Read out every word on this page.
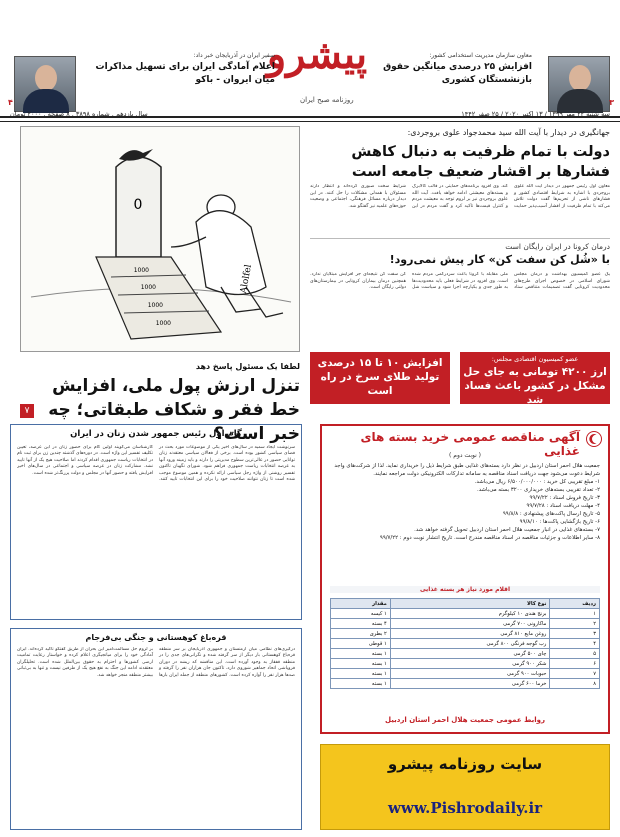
معاون سازمان مدیریت استخدامی کشور:
افزایش ۲۵ درصدی میانگین حقوق بازنشستگان کشوری
پیشرو
روزنامه صبح ایران
سفیر ایران در آذربایجان خبر داد:
اعلام آمادگی ایران برای تسهیل مذاکرات میان ایروان - باکو
۳
۴
سه شنبه ۲۲ مهر ۱۳۹۹ / ۱۳ اکتبر ۲۰۲۰ / ۲۵ صفر ۱۴۴۲
سال یازدهم . شماره ۳۸۹۸ . ۸ صفحه . ۲۰۰۰ تومان
جهانگیری در دیدار با آیت الله سید محمدجواد علوی بروجردی:
دولت با تمام ظرفیت به دنبال کاهش فشارها بر اقشار ضعیف جامعه است
معاون اول رئیس جمهور در دیدار آیت الله علوی بروجردی با اشاره به شرایط اقتصادی کشور و فشارهای ناشی از تحریم‌ها گفت دولت تلاش می‌کند با تمام ظرفیت از اقشار آسیب‌پذیر حمایت کند. وی افزود برنامه‌های حمایتی در قالب کالابرگ و بسته‌های معیشتی ادامه خواهد یافت. آیت الله علوی بروجردی نیز بر لزوم توجه به معیشت مردم و کنترل قیمت‌ها تاکید کرد و گفت مردم در این شرایط سخت صبوری کرده‌اند و انتظار دارند مسئولان با همدلی مشکلات را حل کنند. در این دیدار درباره مسائل فرهنگی، اجتماعی و وضعیت حوزه‌های علمیه نیز گفتگو شد.
درمان کرونا در ایران رایگان است
با «شُل کن سفت کن» کار پیش نمی‌رود!
یک عضو کمیسیون بهداشت و درمان مجلس شورای اسلامی در خصوص اجرای طرح‌های محدودیت کرونایی گفت تصمیمات متناقض ستاد ملی مقابله با کرونا باعث سردرگمی مردم شده است. وی افزود در شرایط فعلی باید محدودیت‌ها به طور جدی و یکپارچه اجرا شود و سیاست شل کن سفت کن نتیجه‌ای جز افزایش مبتلایان ندارد. همچنین درمان بیماران کرونایی در بیمارستان‌های دولتی رایگان است.
عضو کمیسیون اقتصادی مجلس:
ارز ۴۲۰۰ تومانی به جای حل مشکل در کشور باعث فساد شد
افزایش ۱۰ تا ۱۵ درصدی تولید طلای سرخ در راه است
0
1000
1000
1000
1000
Alolfel
لطفا یک مسئول پاسخ دهد
تنزل ارزش پول ملی، افزایش خط فقر و شکاف طبقاتی؛ چه خبر است؟
۷
گام اول رئیس جمهور شدن زنان در ایران
سرنوشت ایجاد سمیه در سال‌های اخیر یکی از موضوعات مورد بحث در فضای سیاسی کشور بوده است. برخی از فعالان سیاسی معتقدند زنان توانایی حضور در عالی‌ترین سطوح مدیریتی را دارند و باید زمینه ورود آنها به عرصه انتخابات ریاست جمهوری فراهم شود. شورای نگهبان تاکنون تفسیر روشنی از واژه رجل سیاسی ارائه نکرده و همین موضوع موجب شده است تا زنان نتوانند صلاحیت خود را برای این انتخابات تایید کنند. کارشناسان می‌گویند اولین گام برای حضور زنان در این عرصه، تعیین تکلیف تفسیر این واژه است. در دوره‌های گذشته چندین زن برای ثبت نام در انتخابات ریاست جمهوری اقدام کردند اما صلاحیت هیچ یک از آنها تایید نشد. مشارکت زنان در عرصه سیاسی و اجتماعی در سال‌های اخیر افزایش یافته و حضور آنها در مجلس و دولت پررنگ‌تر شده است.
قره‌باغ کوهستانی و جنگی بی‌فرجام
درگیری‌های نظامی میان ارمنستان و جمهوری آذربایجان بر سر منطقه قره‌باغ کوهستانی بار دیگر از سر گرفته شده و نگرانی‌های جدی را در منطقه قفقاز به وجود آورده است. این مناقشه که ریشه در دوران فروپاشی اتحاد جماهیر شوروی دارد، تاکنون جان هزاران نفر را گرفته و صدها هزار نفر را آواره کرده است. کشورهای منطقه از جمله ایران بارها بر لزوم حل مسالمت‌آمیز این بحران از طریق گفتگو تاکید کرده‌اند. ایران آمادگی خود را برای میانجیگری اعلام کرده و خواستار رعایت تمامیت ارضی کشورها و احترام به حقوق بین‌الملل شده است. تحلیلگران معتقدند ادامه این جنگ به نفع هیچ یک از طرفین نیست و تنها به بی‌ثباتی بیشتر منطقه منجر خواهد شد.
آگهی مناقصه عمومی خرید بسته های غذایی
( نوبت دوم )
جمعیت هلال احمر استان اردبیل در نظر دارد بسته‌های غذایی طبق شرایط ذیل را خریداری نماید. لذا از شرکت‌های واجد شرایط دعوت می‌شود جهت دریافت اسناد مناقصه به سامانه تدارکات الکترونیکی دولت مراجعه نمایند.
۱- مبلغ تقریبی کل خرید : ۶/۵۰۰/۰۰۰/۰۰۰ ریال می‌باشد.
۲- تعداد تقریبی بسته‌های خریداری ۳۲۰۰ بسته می‌باشد.
۳- تاریخ فروش اسناد : ۹۹/۷/۲۲
۴- مهلت دریافت اسناد : ۹۹/۷/۲۸
۵- تاریخ ارسال پاکت‌های پیشنهادی : ۹۹/۸/۸
۶- تاریخ بازگشایی پاکت‌ها : ۹۹/۸/۱۰
۷- بسته‌های غذایی در انبار جمعیت هلال احمر استان اردبیل تحویل گرفته خواهد شد.
۸- سایر اطلاعات و جزئیات مناقصه در اسناد مناقصه مندرج است. تاریخ انتشار نوبت دوم : ۹۹/۷/۲۲
اقلام مورد نیاز هر بسته غذایی
ردیف	نوع کالا	مقدار
۱	برنج هندی ۱۰ کیلوگرم	۱ کیسه
۲	ماکارونی ۷۰۰ گرمی	۴ بسته
۳	روغن مایع ۸۱۰ گرمی	۲ بطری
۴	رب گوجه فرنگی ۸۰۰ گرمی	۱ قوطی
۵	چای ۵۰۰ گرمی	۱ بسته
۶	شکر ۹۰۰ گرمی	۱ بسته
۷	حبوبات ۹۰۰ گرمی	۱ بسته
۸	خرما ۶۰۰ گرمی	۱ بسته
روابط عمومی جمعیت هلال احمر استان اردبیل
سایت روزنامه پیشرو
www.Pishrodaily.ir
